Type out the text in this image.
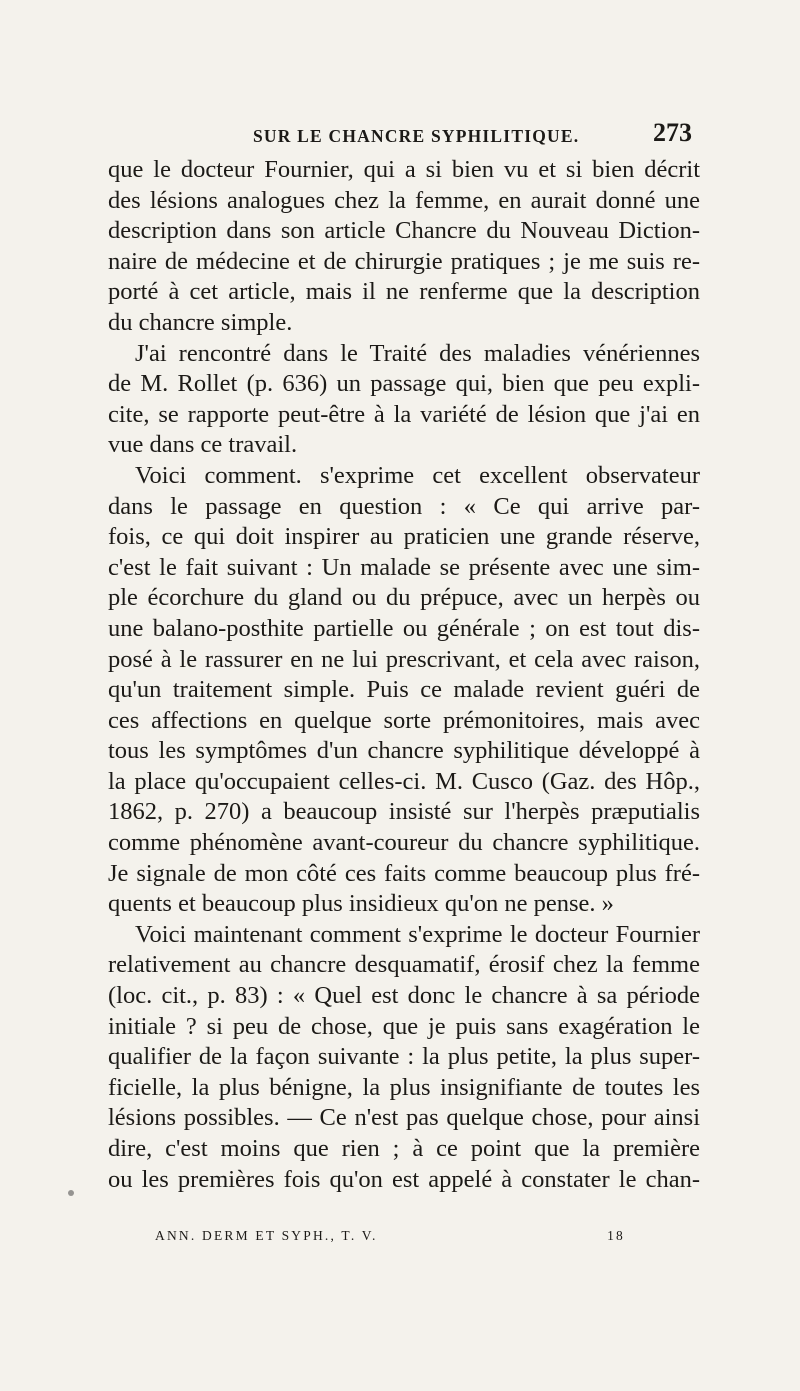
SUR LE CHANCRE SYPHILITIQUE.	273

que le docteur Fournier, qui a si bien vu et si bien décrit
des lésions analogues chez la femme, en aurait donné une
description dans son article Chancre du Nouveau Diction-
naire de médecine et de chirurgie pratiques ; je me suis re-
porté à cet article, mais il ne renferme que la description
du chancre simple.

J'ai rencontré dans le Traité des maladies vénériennes
de M. Rollet (p. 636) un passage qui, bien que peu expli-
cite, se rapporte peut-être à la variété de lésion que j'ai en
vue dans ce travail.

Voici comment. s'exprime cet excellent observateur
dans le passage en question : « Ce qui arrive par-
fois, ce qui doit inspirer au praticien une grande réserve,
c'est le fait suivant : Un malade se présente avec une sim-
ple écorchure du gland ou du prépuce, avec un herpès ou
une balano-posthite partielle ou générale ; on est tout dis-
posé à le rassurer en ne lui prescrivant, et cela avec raison,
qu'un traitement simple. Puis ce malade revient guéri de
ces affections en quelque sorte prémonitoires, mais avec
tous les symptômes d'un chancre syphilitique développé à
la place qu'occupaient celles-ci. M. Cusco (Gaz. des Hôp.,
1862, p. 270) a beaucoup insisté sur l'herpès præputialis
comme phénomène avant-coureur du chancre syphilitique.
Je signale de mon côté ces faits comme beaucoup plus fré-
quents et beaucoup plus insidieux qu'on ne pense. »

Voici maintenant comment s'exprime le docteur Fournier
relativement au chancre desquamatif, érosif chez la femme
(loc. cit., p. 83) : « Quel est donc le chancre à sa période
initiale ? si peu de chose, que je puis sans exagération le
qualifier de la façon suivante : la plus petite, la plus super-
ficielle, la plus bénigne, la plus insignifiante de toutes les
lésions possibles. — Ce n'est pas quelque chose, pour ainsi
dire, c'est moins que rien ; à ce point que la première
ou les premières fois qu'on est appelé à constater le chan-

ANN. DERM ET SYPH., T. V.	18
